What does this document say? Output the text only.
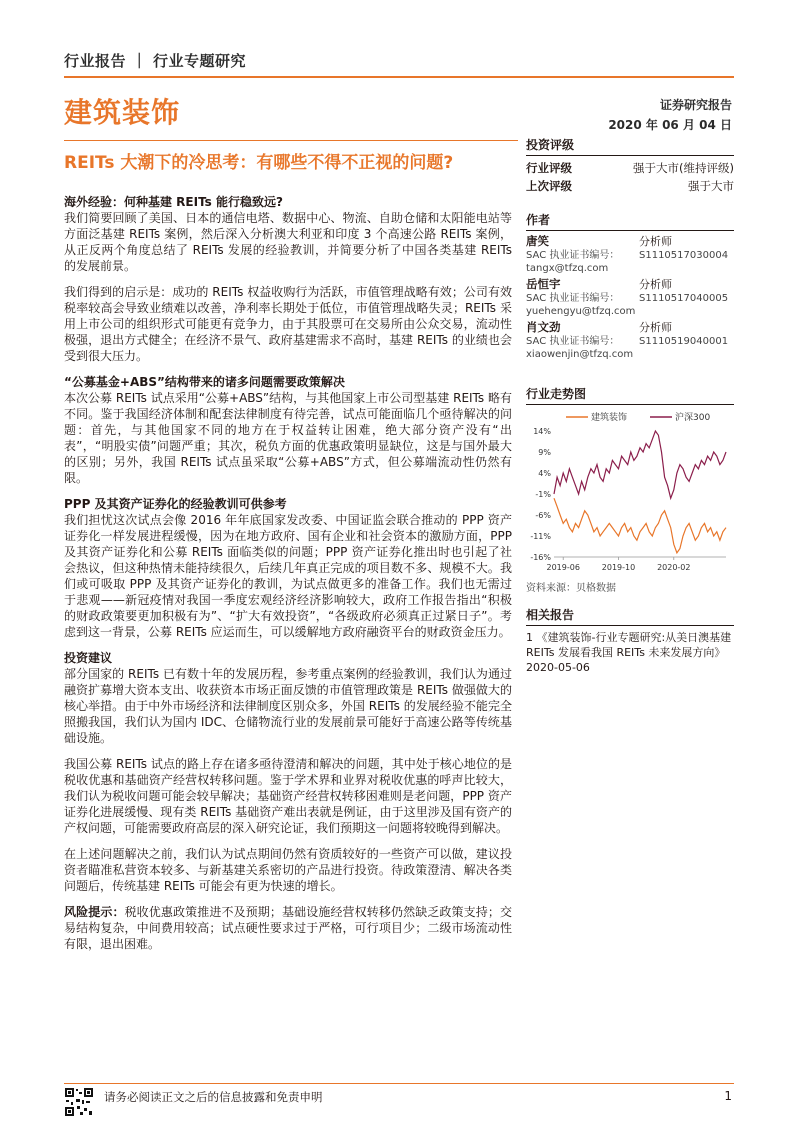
行业报告 ｜ 行业专题研究
建筑装饰	证券研究报告
2020 年 06 月 04 日
REITs 大潮下的冷思考：有哪些不得不正视的问题?
海外经验：何种基建 REITs 能行稳致远?

我们简要回顾了美国、日本的通信电塔、数据中心、物流、自助仓储和太阳能电站等方面泛基建 REITs 案例，然后深入分析澳大利亚和印度 3 个高速公路 REITs 案例，从正反两个角度总结了 REITs 发展的经验教训，并简要分析了中国各类基建 REITs 的发展前景。

我们得到的启示是：成功的 REITs 权益收购行为活跃，市值管理战略有效；公司有效税率较高会导致业绩难以改善，净利率长期处于低位，市值管理战略失灵；REITs 采用上市公司的组织形式可能更有竞争力，由于其股票可在交易所由公众交易，流动性极强，退出方式健全；在经济不景气、政府基建需求不高时，基建 REITs 的业绩也会受到很大压力。

“公募基金+ABS”结构带来的诸多问题需要政策解决

本次公募 REITs 试点采用“公募+ABS”结构，与其他国家上市公司型基建 REITs 略有不同。鉴于我国经济体制和配套法律制度有待完善，试点可能面临几个亟待解决的问题：首先，与其他国家不同的地方在于权益转让困难，绝大部分资产没有“出表”，“明股实债”问题严重；其次，税负方面的优惠政策明显缺位，这是与国外最大的区别；另外，我国 REITs 试点虽采取“公募+ABS”方式，但公募端流动性仍然有限。

PPP 及其资产证券化的经验教训可供参考

我们担忧这次试点会像 2016 年年底国家发改委、中国证监会联合推动的 PPP 资产证券化一样发展进程缓慢，因为在地方政府、国有企业和社会资本的激励方面，PPP 及其资产证券化和公募 REITs 面临类似的问题；PPP 资产证券化推出时也引起了社会热议，但这种热情未能持续很久，后续几年真正完成的项目数不多、规模不大。我们或可吸取 PPP 及其资产证券化的教训，为试点做更多的准备工作。我们也无需过于悲观——新冠疫情对我国一季度宏观经济经济影响较大，政府工作报告指出“积极的财政政策要更加积极有为”、“扩大有效投资”，“各级政府必须真正过紧日子”。考虑到这一背景，公募 REITs 应运而生，可以缓解地方政府融资平台的财政资金压力。

投资建议

部分国家的 REITs 已有数十年的发展历程，参考重点案例的经验教训，我们认为通过融资扩募增大资本支出、收获资本市场正面反馈的市值管理政策是 REITs 做强做大的核心举措。由于中外市场经济和法律制度区别众多，外国 REITs 的发展经验不能完全照搬我国，我们认为国内 IDC、仓储物流行业的发展前景可能好于高速公路等传统基础设施。

我国公募 REITs 试点的路上存在诸多亟待澄清和解决的问题，其中处于核心地位的是税收优惠和基础资产经营权转移问题。鉴于学术界和业界对税收优惠的呼声比较大，我们认为税收问题可能会较早解决；基础资产经营权转移困难则是老问题，PPP 资产证券化进展缓慢、现有类 REITs 基础资产难出表就是例证，由于这里涉及国有资产的产权问题，可能需要政府高层的深入研究论证，我们预期这一问题将较晚得到解决。

在上述问题解决之前，我们认为试点期间仍然有资质较好的一些资产可以做，建议投资者瞄准私营资本较多、与新基建关系密切的产品进行投资。待政策澄清、解决各类问题后，传统基建 REITs 可能会有更为快速的增长。

风险提示：税收优惠政策推进不及预期；基础设施经营权转移仍然缺乏政策支持；交易结构复杂，中间费用较高；试点硬性要求过于严格，可行项目少；二级市场流动性有限，退出困难。

投资评级
行业评级	强于大市(维持评级)
上次评级	强于大市
作者
唐笑	分析师
SAC 执业证书编号： S1110517030004
tangx@tfzq.com
岳恒宇	分析师
SAC 执业证书编号： S1110517040005
yuehengyu@tfzq.com
肖文劲	分析师
SAC 执业证书编号： S1110519040001
xiaowenjin@tfzq.com
行业走势图
建筑装饰	沪深300
14%
9%
4%
-1%
-6%
-11%
-16%
2019-06	2019-10	2020-02
资料来源：贝格数据
相关报告
1 《建筑装饰-行业专题研究:从美日澳基建 REITs 发展看我国 REITs 未来发展方向》 2020-05-06
请务必阅读正文之后的信息披露和免责申明	1
